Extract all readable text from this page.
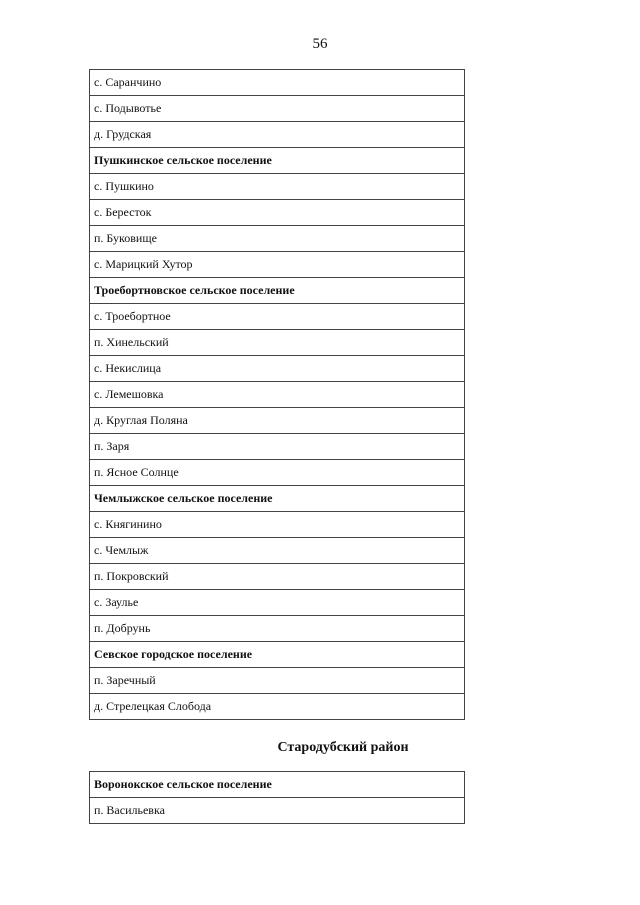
56
с. Саранчино
с. Подывотье
д. Грудская
Пушкинское сельское поселение
с. Пушкино
с. Бересток
п. Буковище
с. Марицкий Хутор
Троебортновское сельское поселение
с. Троебортное
п. Хинельский
с. Некислица
с. Лемешовка
д. Круглая Поляна
п. Заря
п. Ясное Солнце
Чемлыжское сельское поселение
с. Княгинино
с. Чемлыж
п. Покровский
с. Заулье
п. Добрунь
Севское городское поселение
п. Заречный
д. Стрелецкая Слобода
Стародубский район
Воронокское сельское поселение
п. Васильевка
